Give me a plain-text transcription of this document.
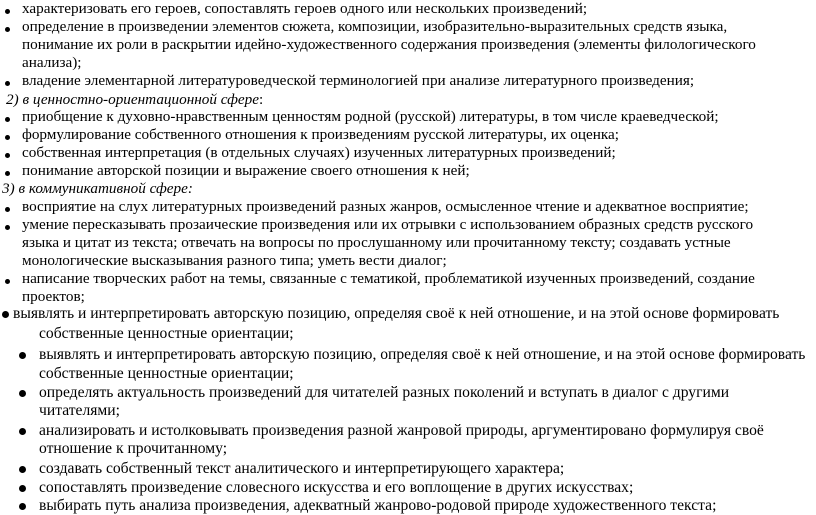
характеризовать его героев, сопоставлять героев одного или нескольких произведений;
определение в произведении элементов сюжета, композиции, изобразительно-выразительных средств языка,
понимание их роли в раскрытии идейно-художественного содержания произведения (элементы филологического
анализа);
владение элементарной литературоведческой терминологией при анализе литературного произведения;
2) в ценностно-ориентационной сфере:
приобщение к духовно-нравственным ценностям родной (русской) литературы, в том числе краеведческой;
формулирование собственного отношения к произведениям русской литературы, их оценка;
собственная интерпретация (в отдельных случаях) изученных литературных произведений;
понимание авторской позиции и выражение своего отношения к ней;
3) в коммуникативной сфере:
восприятие на слух литературных произведений разных жанров, осмысленное чтение и адекватное восприятие;
умение пересказывать прозаические произведения или их отрывки с использованием образных средств русского
языка и цитат из текста; отвечать на вопросы по прослушанному или прочитанному тексту; создавать устные
монологические высказывания разного типа; уметь вести диалог;
написание творческих работ на темы, связанные с тематикой, проблематикой изученных произведений, создание
проектов;
выявлять и интерпретировать авторскую позицию, определяя своё к ней отношение, и на этой основе формировать
собственные ценностные ориентации;
выявлять и интерпретировать авторскую позицию, определяя своё к ней отношение, и на этой основе формировать
собственные ценностные ориентации;
определять актуальность произведений для читателей разных поколений и вступать в диалог с другими
читателями;
анализировать и истолковывать произведения разной жанровой природы, аргументировано формулируя своё
отношение к прочитанному;
создавать собственный текст аналитического и интерпретирующего характера;
сопоставлять произведение словесного искусства и его воплощение в других искусствах;
выбирать путь анализа произведения, адекватный жанрово-родовой природе художественного текста;
